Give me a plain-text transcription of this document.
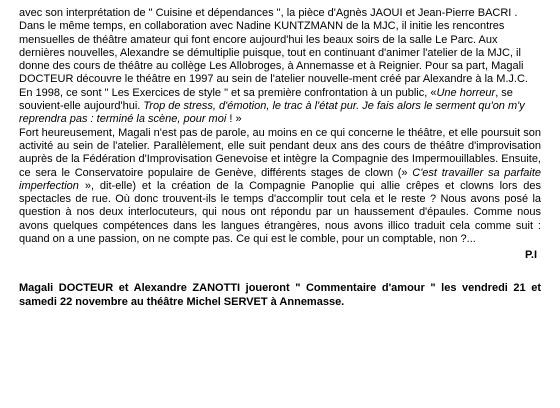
avec son interprétation de " Cuisine et dépendances ", la pièce d'Agnès JAOUI et Jean-Pierre BACRI . Dans le même temps, en collaboration avec Nadine KUNTZMANN de la MJC, il initie les rencontres mensuelles de théâtre amateur qui font encore aujourd'hui les beaux soirs de la salle Le Parc. Aux dernières nouvelles, Alexandre se démultiplie puisque, tout en continuant d'animer l'atelier de la MJC, il donne des cours de théâtre au collège Les Allobroges, à Annemasse et à Reignier. Pour sa part, Magali DOCTEUR découvre le théâtre en 1997 au sein de l'atelier nouvelle-ment créé par Alexandre à la M.J.C. En 1998, ce sont " Les Exercices de style " et sa première confrontation à un public, «Une horreur, se souvient-elle aujourd'hui. Trop de stress, d'émotion, le trac à l'état pur. Je fais alors le serment qu'on m'y reprendra pas : terminé la scène, pour moi ! »

Fort heureusement, Magali n'est pas de parole, au moins en ce qui concerne le théâtre, et elle poursuit son activité au sein de l'atelier. Parallèlement, elle suit pendant deux ans des cours de théâtre d'improvisation auprès de la Fédération d'Improvisation Genevoise et intègre la Compagnie des Impermouillables. Ensuite, ce sera le Conservatoire populaire de Genève, différents stages de clown (» C'est travailler sa parfaite imperfection », dit-elle) et la création de la Compagnie Panoplie qui allie crêpes et clowns lors des spectacles de rue. Où donc trouvent-ils le temps d'accomplir tout cela et le reste ? Nous avons posé la question à nos deux interlocuteurs, qui nous ont répondu par un haussement d'épaules. Comme nous avons quelques compétences dans les langues étrangères, nous avons illico traduit cela comme suit : quand on a une passion, on ne compte pas. Ce qui est le comble, pour un comptable, non ?...

P.I

Magali DOCTEUR et Alexandre ZANOTTI joueront " Commentaire d'amour " les vendredi 21 et samedi 22 novembre au théâtre Michel SERVET à Annemasse.
